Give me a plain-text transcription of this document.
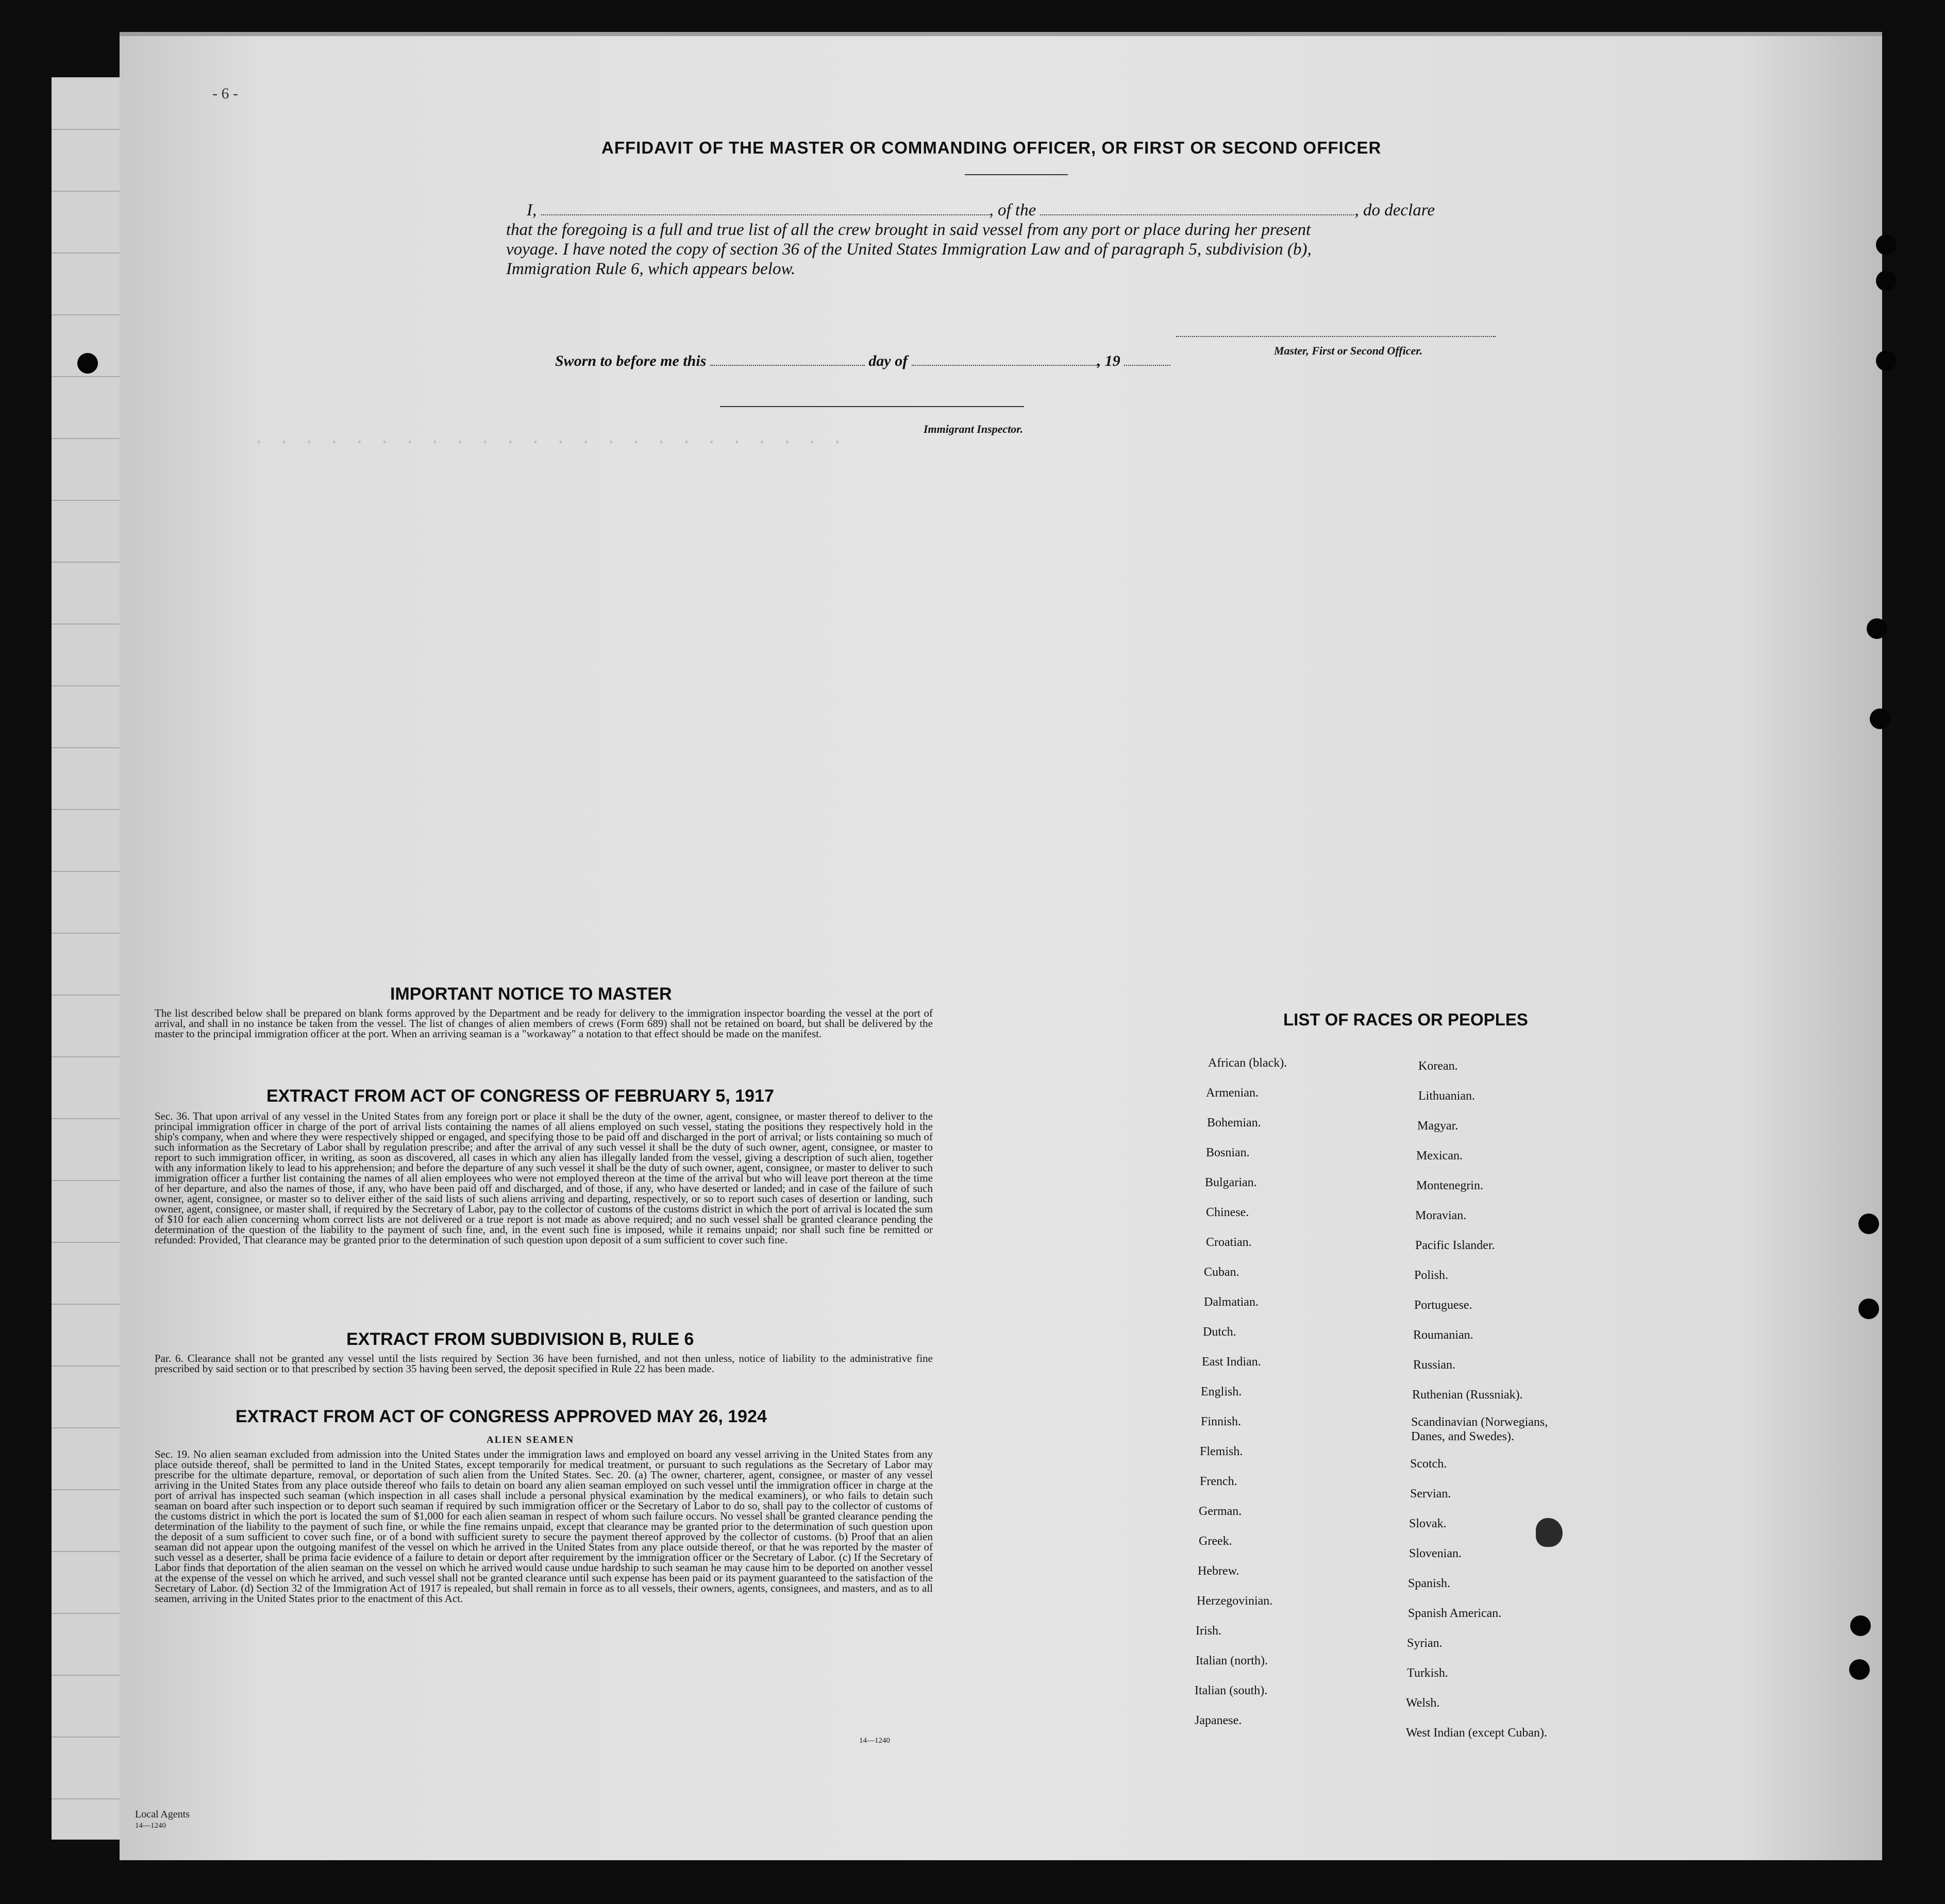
· · · · · · · · · · · · · · · · · · · · · · · ·
- 6 -
AFFIDAVIT OF THE MASTER OR COMMANDING OFFICER, OR FIRST OR SECOND OFFICER
I,	, of the	, do declare
that the foregoing is a full and true list of all the crew brought in said vessel from any port or place during her present
voyage. I have noted the copy of section 36 of the United States Immigration Law and of paragraph 5, subdivision (b),
Immigration Rule 6, which appears below.
Master, First or Second Officer.
Sworn to before me this	day of	, 19
Immigrant Inspector.
IMPORTANT NOTICE TO MASTER
The list described below shall be prepared on blank forms approved by the Department and be ready for delivery to the immigration inspector boarding the vessel at the port of arrival, and shall in no instance be taken from the vessel. The list of changes of alien members of crews (Form 689) shall not be retained on board, but shall be delivered by the master to the principal immigration officer at the port. When an arriving seaman is a "workaway" a notation to that effect should be made on the manifest.
EXTRACT FROM ACT OF CONGRESS OF FEBRUARY 5, 1917
Sec. 36. That upon arrival of any vessel in the United States from any foreign port or place it shall be the duty of the owner, agent, consignee, or master thereof to deliver to the principal immigration officer in charge of the port of arrival lists containing the names of all aliens employed on such vessel, stating the positions they respectively hold in the ship's company, when and where they were respectively shipped or engaged, and specifying those to be paid off and discharged in the port of arrival; or lists containing so much of such information as the Secretary of Labor shall by regulation prescribe; and after the arrival of any such vessel it shall be the duty of such owner, agent, consignee, or master to report to such immigration officer, in writing, as soon as discovered, all cases in which any alien has illegally landed from the vessel, giving a description of such alien, together with any information likely to lead to his apprehension; and before the departure of any such vessel it shall be the duty of such owner, agent, consignee, or master to deliver to such immigration officer a further list containing the names of all alien employees who were not employed thereon at the time of the arrival but who will leave port thereon at the time of her departure, and also the names of those, if any, who have been paid off and discharged, and of those, if any, who have deserted or landed; and in case of the failure of such owner, agent, consignee, or master so to deliver either of the said lists of such aliens arriving and departing, respectively, or so to report such cases of desertion or landing, such owner, agent, consignee, or master shall, if required by the Secretary of Labor, pay to the collector of customs of the customs district in which the port of arrival is located the sum of $10 for each alien concerning whom correct lists are not delivered or a true report is not made as above required; and no such vessel shall be granted clearance pending the determination of the question of the liability to the payment of such fine, and, in the event such fine is imposed, while it remains unpaid; nor shall such fine be remitted or refunded: Provided, That clearance may be granted prior to the determination of such question upon deposit of a sum sufficient to cover such fine.
EXTRACT FROM SUBDIVISION B, RULE 6
Par. 6. Clearance shall not be granted any vessel until the lists required by Section 36 have been furnished, and not then unless, notice of liability to the administrative fine prescribed by said section or to that prescribed by section 35 having been served, the deposit specified in Rule 22 has been made.
EXTRACT FROM ACT OF CONGRESS APPROVED MAY 26, 1924
ALIEN SEAMEN
Sec. 19. No alien seaman excluded from admission into the United States under the immigration laws and employed on board any vessel arriving in the United States from any place outside thereof, shall be permitted to land in the United States, except temporarily for medical treatment, or pursuant to such regulations as the Secretary of Labor may prescribe for the ultimate departure, removal, or deportation of such alien from the United States. Sec. 20. (a) The owner, charterer, agent, consignee, or master of any vessel arriving in the United States from any place outside thereof who fails to detain on board any alien seaman employed on such vessel until the immigration officer in charge at the port of arrival has inspected such seaman (which inspection in all cases shall include a personal physical examination by the medical examiners), or who fails to detain such seaman on board after such inspection or to deport such seaman if required by such immigration officer or the Secretary of Labor to do so, shall pay to the collector of customs of the customs district in which the port is located the sum of $1,000 for each alien seaman in respect of whom such failure occurs. No vessel shall be granted clearance pending the determination of the liability to the payment of such fine, or while the fine remains unpaid, except that clearance may be granted prior to the determination of such question upon the deposit of a sum sufficient to cover such fine, or of a bond with sufficient surety to secure the payment thereof approved by the collector of customs. (b) Proof that an alien seaman did not appear upon the outgoing manifest of the vessel on which he arrived in the United States from any place outside thereof, or that he was reported by the master of such vessel as a deserter, shall be prima facie evidence of a failure to detain or deport after requirement by the immigration officer or the Secretary of Labor. (c) If the Secretary of Labor finds that deportation of the alien seaman on the vessel on which he arrived would cause undue hardship to such seaman he may cause him to be deported on another vessel at the expense of the vessel on which he arrived, and such vessel shall not be granted clearance until such expense has been paid or its payment guaranteed to the satisfaction of the Secretary of Labor. (d) Section 32 of the Immigration Act of 1917 is repealed, but shall remain in force as to all vessels, their owners, agents, consignees, and masters, and as to all seamen, arriving in the United States prior to the enactment of this Act.
14—1240
LIST OF RACES OR PEOPLES
African (black).
Armenian.
Bohemian.
Bosnian.
Bulgarian.
Chinese.
Croatian.
Cuban.
Dalmatian.
Dutch.
East Indian.
English.
Finnish.
Flemish.
French.
German.
Greek.
Hebrew.
Herzegovinian.
Irish.
Italian (north).
Italian (south).
Japanese.
Korean.
Lithuanian.
Magyar.
Mexican.
Montenegrin.
Moravian.
Pacific Islander.
Polish.
Portuguese.
Roumanian.
Russian.
Ruthenian (Russniak).
Scandinavian (Norwegians, Danes, and Swedes).
Scotch.
Servian.
Slovak.
Slovenian.
Spanish.
Spanish American.
Syrian.
Turkish.
Welsh.
West Indian (except Cuban).
Local Agents
14—1240
